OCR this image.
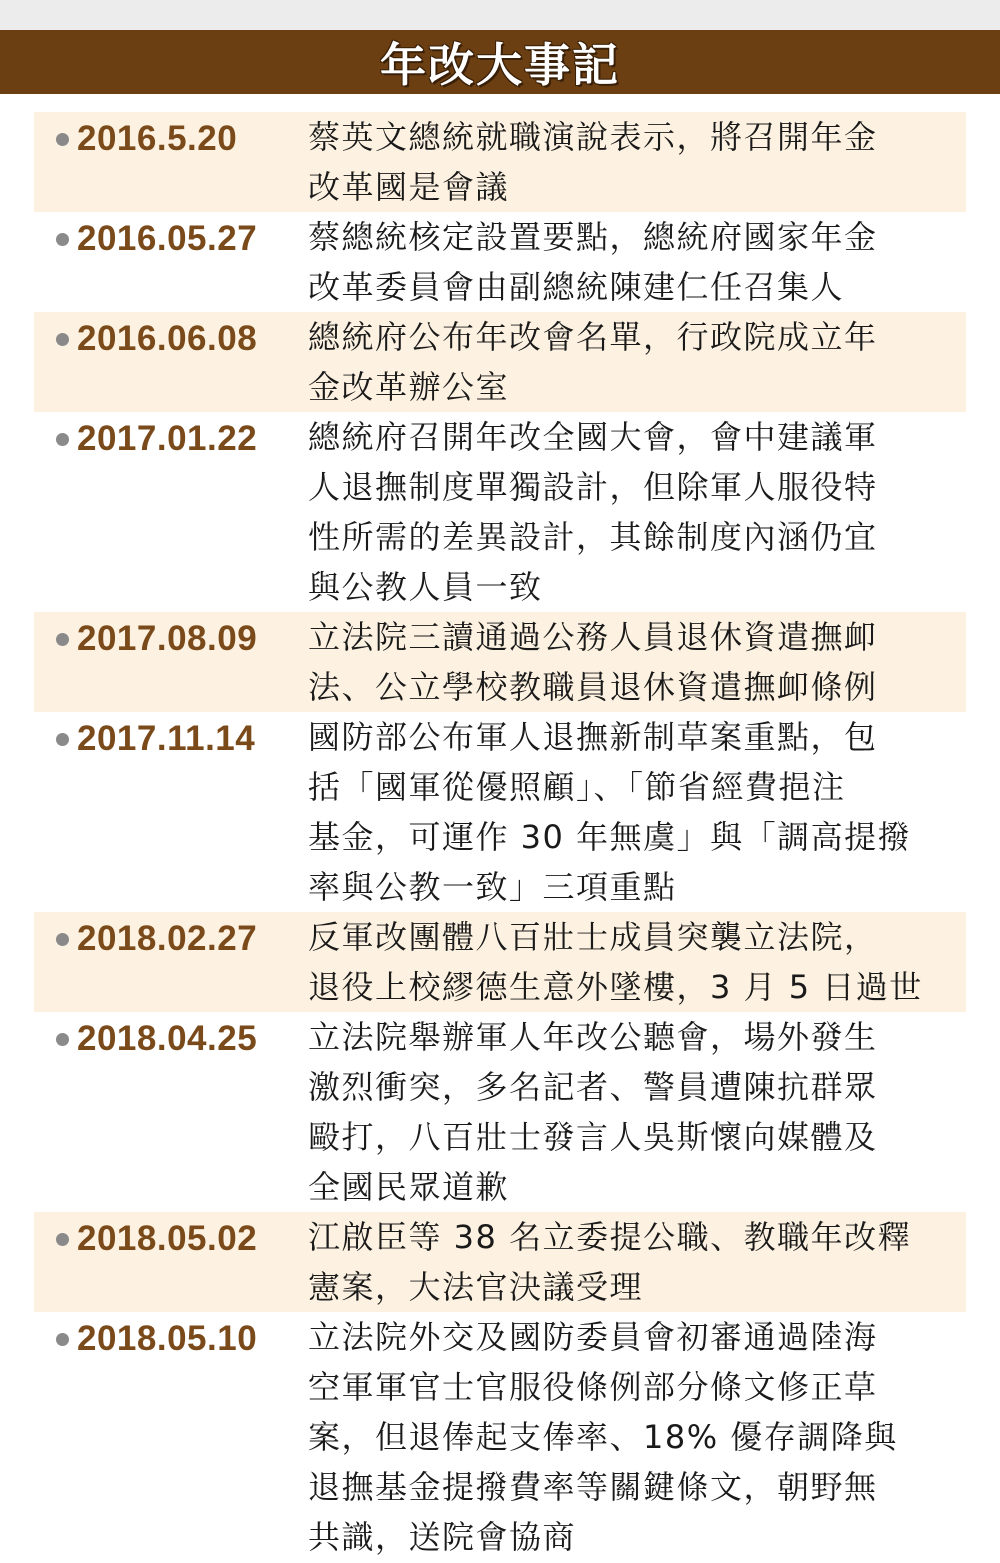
年改大事記
2016.5.20 蔡英文總統就職演說表示，將召開年金
改革國是會議
2016.05.27 蔡總統核定設置要點，總統府國家年金
改革委員會由副總統陳建仁任召集人
2016.06.08 總統府公布年改會名單，行政院成立年
金改革辦公室
2017.01.22 總統府召開年改全國大會，會中建議軍
人退撫制度單獨設計，但除軍人服役特
性所需的差異設計，其餘制度內涵仍宜
與公教人員一致
2017.08.09 立法院三讀通過公務人員退休資遣撫卹
法、公立學校教職員退休資遣撫卹條例
2017.11.14 國防部公布軍人退撫新制草案重點，包
括「國軍從優照顧」、「節省經費挹注
基金，可運作 30 年無虞」與「調高提撥
率與公教一致」三項重點
2018.02.27 反軍改團體八百壯士成員突襲立法院，
退役上校繆德生意外墜樓，3 月 5 日過世
2018.04.25 立法院舉辦軍人年改公聽會，場外發生
激烈衝突，多名記者、警員遭陳抗群眾
毆打，八百壯士發言人吳斯懷向媒體及
全國民眾道歉
2018.05.02 江啟臣等 38 名立委提公職、教職年改釋
憲案，大法官決議受理
2018.05.10 立法院外交及國防委員會初審通過陸海
空軍軍官士官服役條例部分條文修正草
案，但退俸起支俸率、18% 優存調降與
退撫基金提撥費率等關鍵條文，朝野無
共識，送院會協商
